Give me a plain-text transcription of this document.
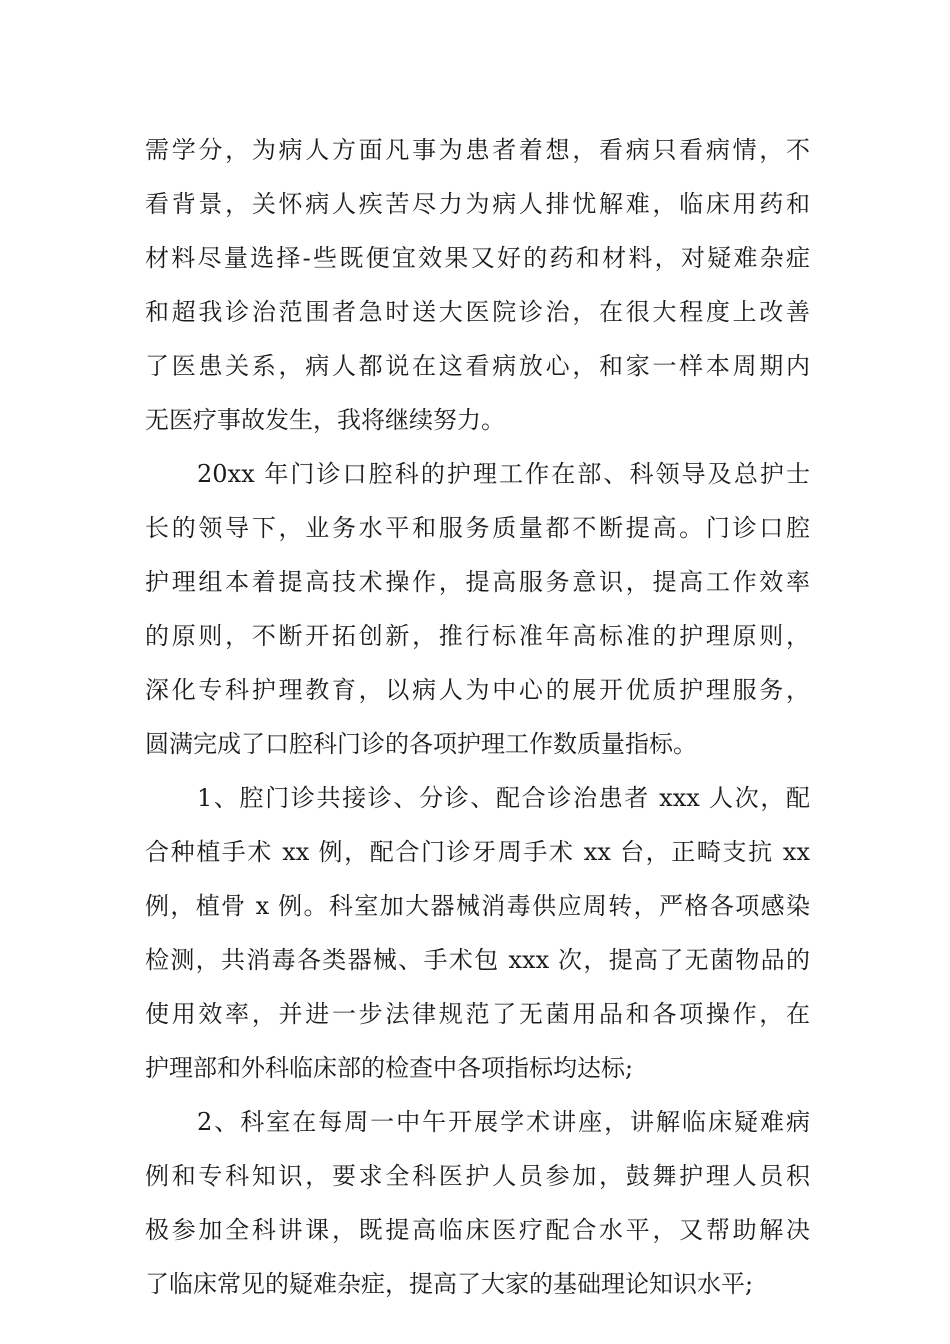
需学分，为病人方面凡事为患者着想，看病只看病情，不
看背景，关怀病人疾苦尽力为病人排忧解难，临床用药和
材料尽量选择-些既便宜效果又好的药和材料，对疑难杂症
和超我诊治范围者急时送大医院诊治，在很大程度上改善
了医患关系，病人都说在这看病放心，和家一样本周期内
无医疗事故发生，我将继续努力。
20xx 年门诊口腔科的护理工作在部、科领导及总护士
长的领导下，业务水平和服务质量都不断提高。门诊口腔
护理组本着提高技术操作，提高服务意识，提高工作效率
的原则，不断开拓创新，推行标准年高标准的护理原则，
深化专科护理教育，以病人为中心的展开优质护理服务，
圆满完成了口腔科门诊的各项护理工作数质量指标。
1、腔门诊共接诊、分诊、配合诊治患者 xxx 人次，配
合种植手术 xx 例，配合门诊牙周手术 xx 台，正畸支抗 xx
例，植骨 x 例。科室加大器械消毒供应周转，严格各项感染
检测，共消毒各类器械、手术包 xxx 次，提高了无菌物品的
使用效率，并进一步法律规范了无菌用品和各项操作，在
护理部和外科临床部的检查中各项指标均达标;
2、科室在每周一中午开展学术讲座，讲解临床疑难病
例和专科知识，要求全科医护人员参加，鼓舞护理人员积
极参加全科讲课，既提高临床医疗配合水平，又帮助解决
了临床常见的疑难杂症，提高了大家的基础理论知识水平;
